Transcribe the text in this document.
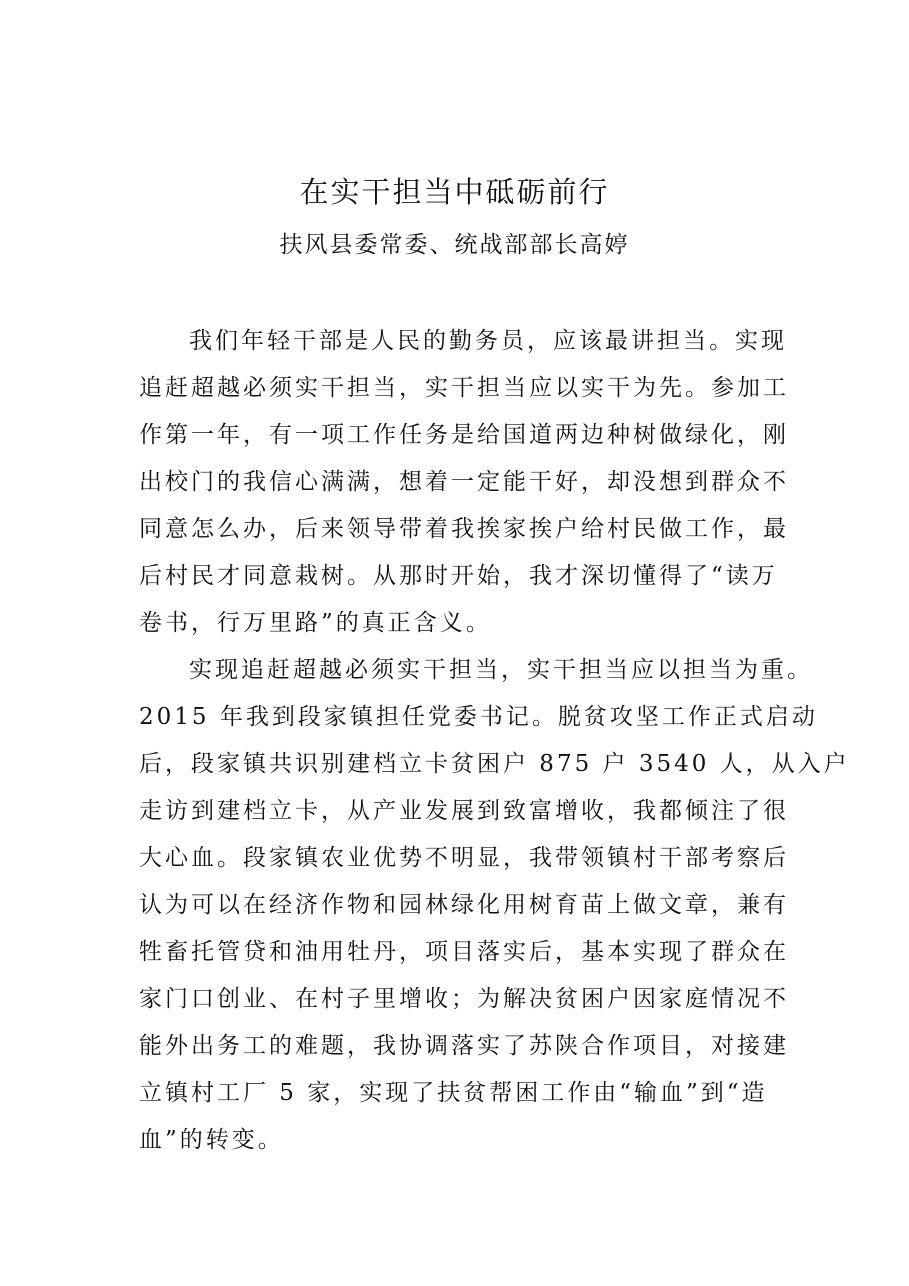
在实干担当中砥砺前行
扶风县委常委、统战部部长高婷
我们年轻干部是人民的勤务员，应该最讲担当。实现
追赶超越必须实干担当，实干担当应以实干为先。参加工
作第一年，有一项工作任务是给国道两边种树做绿化，刚
出校门的我信心满满，想着一定能干好，却没想到群众不
同意怎么办，后来领导带着我挨家挨户给村民做工作，最
后村民才同意栽树。从那时开始，我才深切懂得了“读万
卷书，行万里路”的真正含义。
实现追赶超越必须实干担当，实干担当应以担当为重。
2015 年我到段家镇担任党委书记。脱贫攻坚工作正式启动
后，段家镇共识别建档立卡贫困户 875 户 3540 人，从入户
走访到建档立卡，从产业发展到致富增收，我都倾注了很
大心血。段家镇农业优势不明显，我带领镇村干部考察后
认为可以在经济作物和园林绿化用树育苗上做文章，兼有
牲畜托管贷和油用牡丹，项目落实后，基本实现了群众在
家门口创业、在村子里增收；为解决贫困户因家庭情况不
能外出务工的难题，我协调落实了苏陕合作项目，对接建
立镇村工厂 5 家，实现了扶贫帮困工作由“输血”到“造
血”的转变。
